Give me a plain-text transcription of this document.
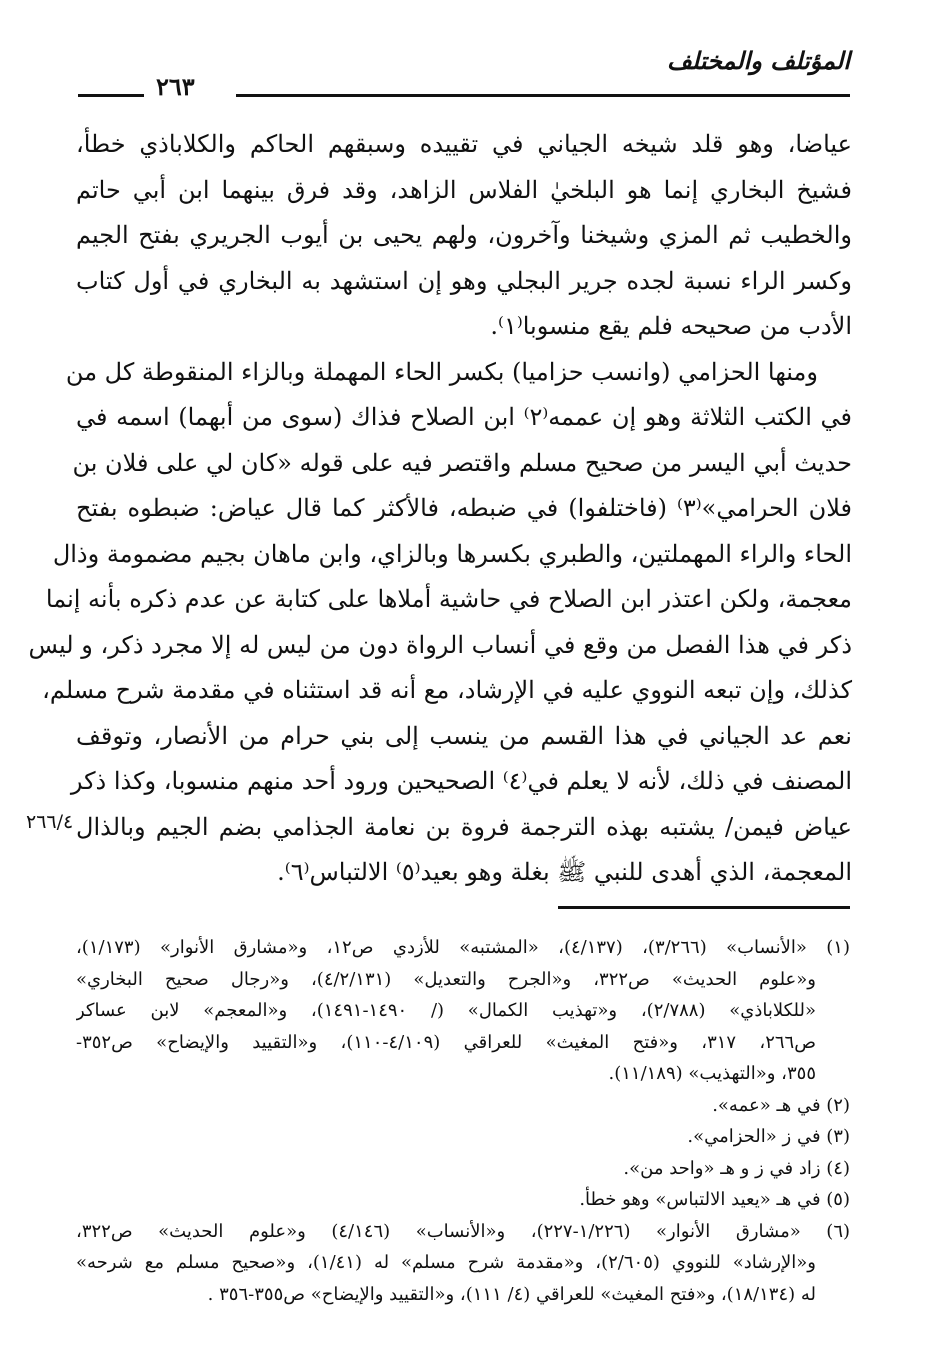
المؤتلف والمختلف
٢٦٣
عياضا، وهو قلد شيخه الجياني في تقييده وسبقهم الحاكم والكلاباذي خطأ،
فشيخ البخاري إنما هو البلخيٰ الفلاس الزاهد، وقد فرق بينهما ابن أبي حاتم
والخطيب ثم المزي وشيخنا وآخرون، ولهم يحيى بن أيوب الجريري بفتح الجيم
وكسر الراء نسبة لجده جرير البجلي وهو إن استشهد به البخاري في أول كتاب
الأدب من صحيحه فلم يقع منسوبا⁽١⁾.
ومنها الحزامي (وانسب حزاميا) بكسر الحاء المهملة وبالزاء المنقوطة كل من
في الكتب الثلاثة وهو إن عممه⁽٢⁾ ابن الصلاح فذاك (سوى من أبهما) اسمه في
حديث أبي اليسر من صحيح مسلم واقتصر فيه على قوله «كان لي على فلان بن
فلان الحرامي»⁽٣⁾ (فاختلفوا) في ضبطه، فالأكثر كما قال عياض: ضبطوه بفتح
الحاء والراء المهملتين، والطبري بكسرها وبالزاي، وابن ماهان بجيم مضمومة وذال
معجمة، ولكن اعتذر ابن الصلاح في حاشية أملاها على كتابة عن عدم ذكره بأنه إنما
ذكر في هذا الفصل من وقع في أنساب الرواة دون من ليس له إلا مجرد ذكر، و ليس
كذلك، وإن تبعه النووي عليه في الإرشاد، مع أنه قد استثناه في مقدمة شرح مسلم،
نعم عد الجياني في هذا القسم من ينسب إلى بني حرام من الأنصار، وتوقف
المصنف في ذلك، لأنه لا يعلم في⁽٤⁾ الصحيحين ورود أحد منهم منسوبا، وكذا ذكر
عياض فيمن/ يشتبه بهذه الترجمة فروة بن نعامة الجذامي بضم الجيم وبالذال
المعجمة، الذي أهدى للنبي ﷺ بغلة وهو بعيد⁽٥⁾ الالتباس⁽٦⁾.
٢٦٦/٤
(١) «الأنساب» (٣/٢٦٦)، (٤/١٣٧)، «المشتبه» للأزدي ص١٢، و«مشارق الأنوار» (١/١٧٣)،
و«علوم الحديث» ص٣٢٢، و«الجرح والتعديل» (٤/٢/١٣١)، و«رجال صحيح البخاري»
«للكلاباذي» (٢/٧٨٨)، و«تهذيب الكمال» (/ ١٤٩٠-١٤٩١)، و«المعجم» لابن عساكر
ص٢٦٦، ٣١٧، و«فتح المغيث» للعراقي (٤/١٠٩-١١٠)، و«التقييد والإيضاح» ص٣٥٢-
٣٥٥، و«التهذيب» (١١/١٨٩).
(٢) في هـ «عمه».
(٣) في ز «الحزامي».
(٤) زاد في ز و هـ «واحد من».
(٥) في هـ «يعيد الالتباس» وهو خطأ.
(٦) «مشارق الأنوار» (١/٢٢٦-٢٢٧)، و«الأنساب» (٤/١٤٦) و«علوم الحديث» ص٣٢٢،
و«الإرشاد» للنووي (٢/٦٠٥)، و«مقدمة شرح مسلم» له (١/٤١)، و«صحيح مسلم مع شرحه»
له (١٨/١٣٤)، و«فتح المغيث» للعراقي (٤/ ١١١)، و«التقييد والإيضاح» ص٣٥٥-٣٥٦ .
